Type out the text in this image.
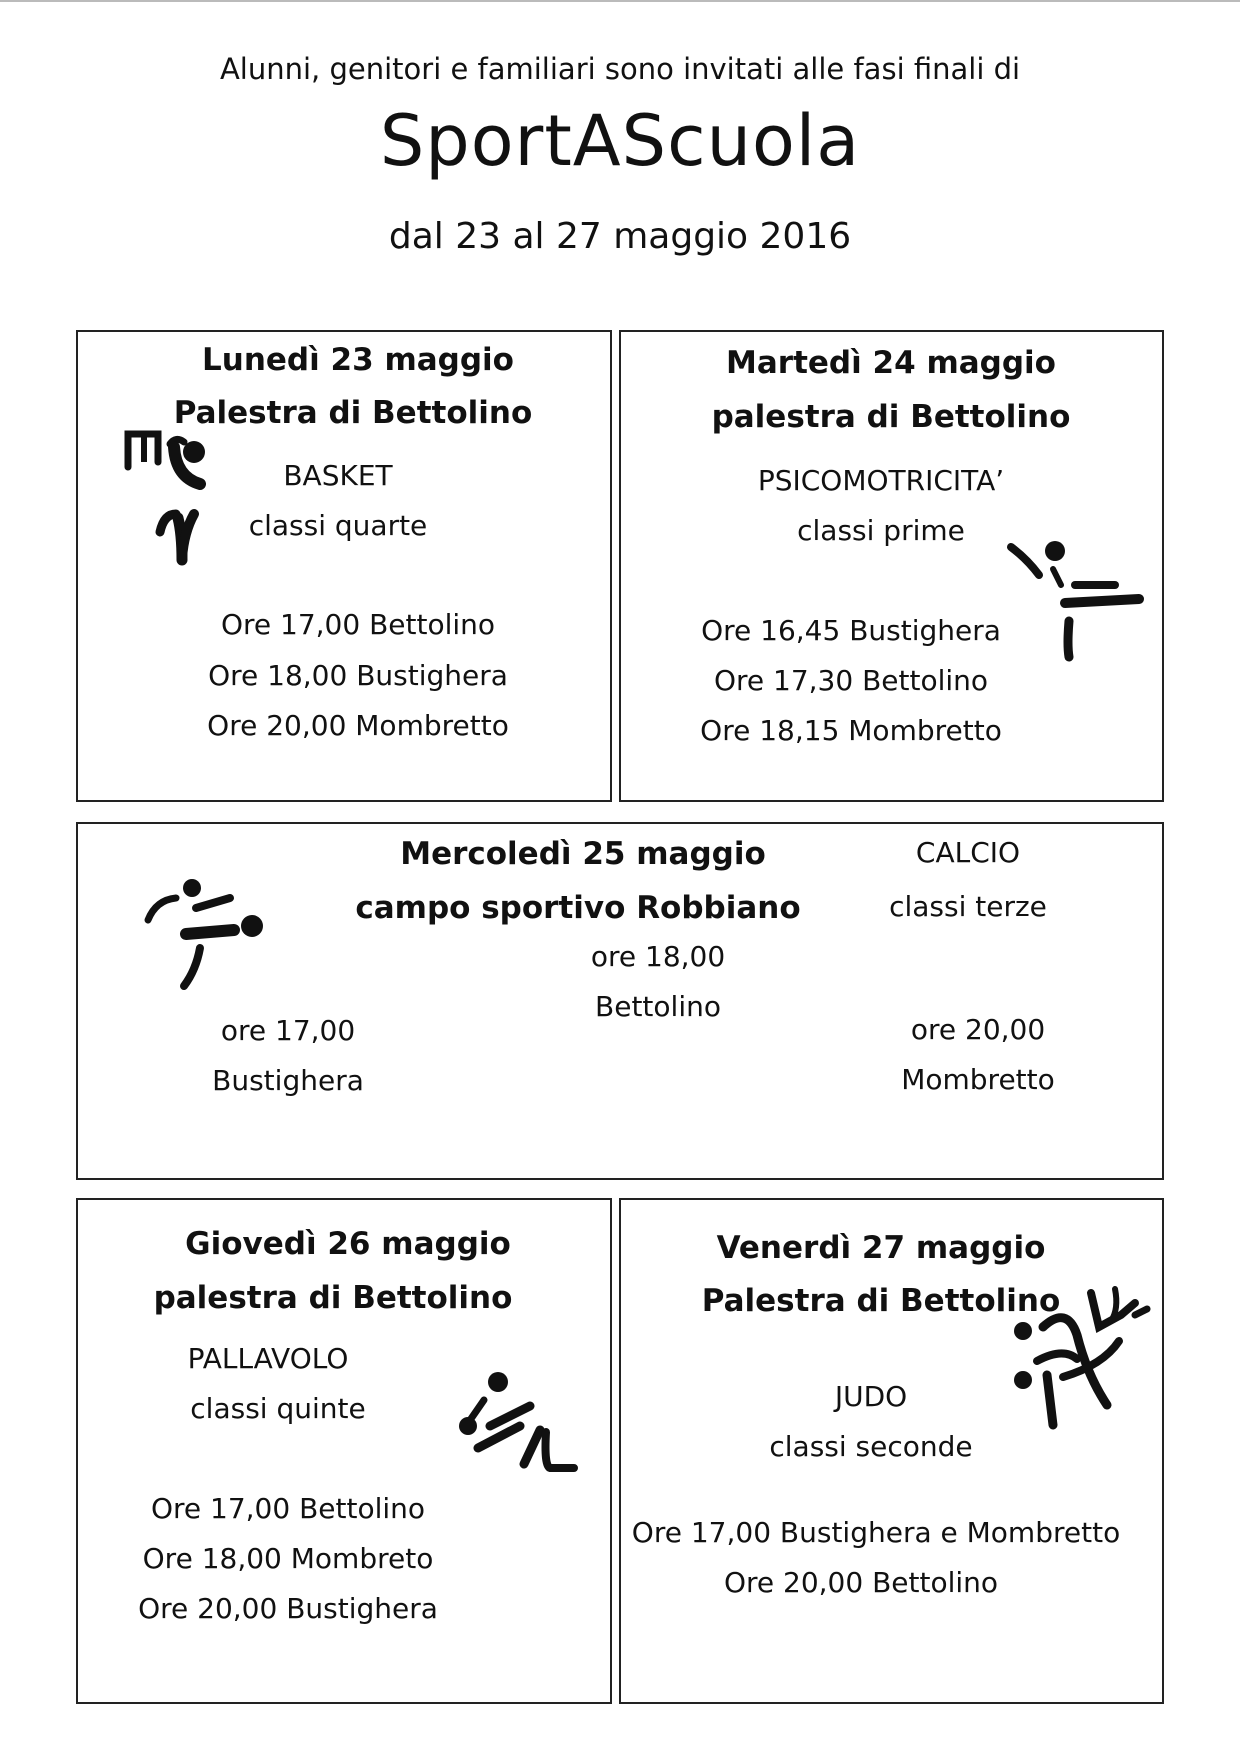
Alunni, genitori e familiari sono invitati alle fasi finali di
SportAScuola
dal 23 al 27 maggio 2016
Lunedì 23 maggio
Palestra di Bettolino
BASKET
classi quarte
Ore 17,00 Bettolino
Ore 18,00 Bustighera
Ore 20,00 Mombretto
Martedì 24 maggio
palestra di Bettolino
PSICOMOTRICITA’
classi prime
Ore 16,45 Bustighera
Ore 17,30 Bettolino
Ore 18,15 Mombretto
Mercoledì 25 maggio
campo sportivo Robbiano
CALCIO
classi terze
ore 18,00
Bettolino
ore 17,00
Bustighera
ore 20,00
Mombretto
Giovedì 26 maggio
palestra di Bettolino
PALLAVOLO
classi quinte
Ore 17,00 Bettolino
Ore 18,00 Mombreto
Ore 20,00 Bustighera
Venerdì 27 maggio
Palestra di Bettolino
JUDO
classi seconde
Ore 17,00 Bustighera e Mombretto
Ore 20,00 Bettolino
